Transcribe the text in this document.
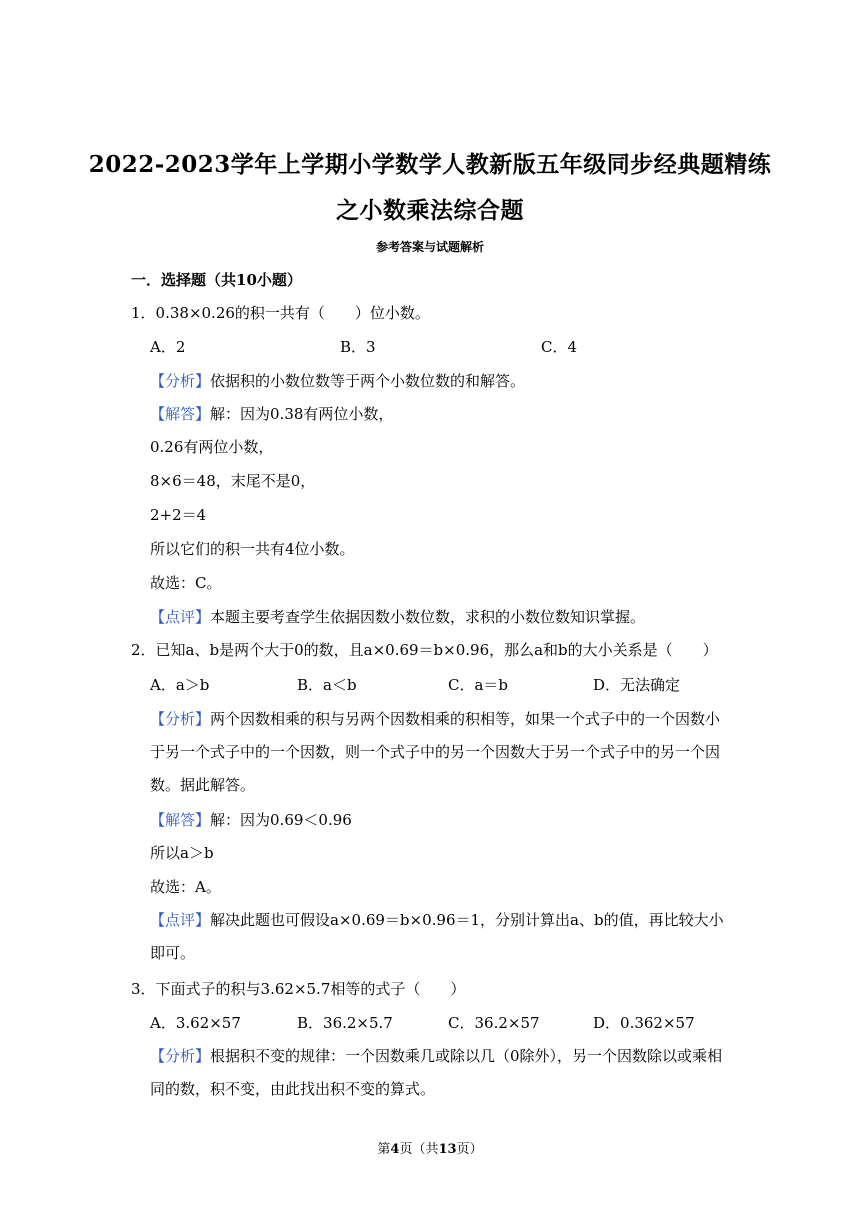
2022-2023学年上学期小学数学人教新版五年级同步经典题精练
之小数乘法综合题
参考答案与试题解析
一．选择题（共10小题）
1．0.38×0.26的积一共有（　　）位小数。
A．2	B．3	C．4
【分析】依据积的小数位数等于两个小数位数的和解答。
【解答】解：因为0.38有两位小数，
0.26有两位小数，
8×6＝48，末尾不是0，
2+2＝4
所以它们的积一共有4位小数。
故选：C。
【点评】本题主要考查学生依据因数小数位数，求积的小数位数知识掌握。
2．已知a、b是两个大于0的数，且a×0.69＝b×0.96，那么a和b的大小关系是（　　）
A．a＞b	B．a＜b	C．a＝b	D．无法确定
【分析】两个因数相乘的积与另两个因数相乘的积相等，如果一个式子中的一个因数小于另一个式子中的一个因数，则一个式子中的另一个因数大于另一个式子中的另一个因数。据此解答。
【解答】解：因为0.69＜0.96
所以a＞b
故选：A。
【点评】解决此题也可假设a×0.69＝b×0.96＝1，分别计算出a、b的值，再比较大小即可。
3．下面式子的积与3.62×5.7相等的式子（　　）
A．3.62×57	B．36.2×5.7	C．36.2×57	D．0.362×57
【分析】根据积不变的规律：一个因数乘几或除以几（0除外），另一个因数除以或乘相同的数，积不变，由此找出积不变的算式。
第4页（共13页）
